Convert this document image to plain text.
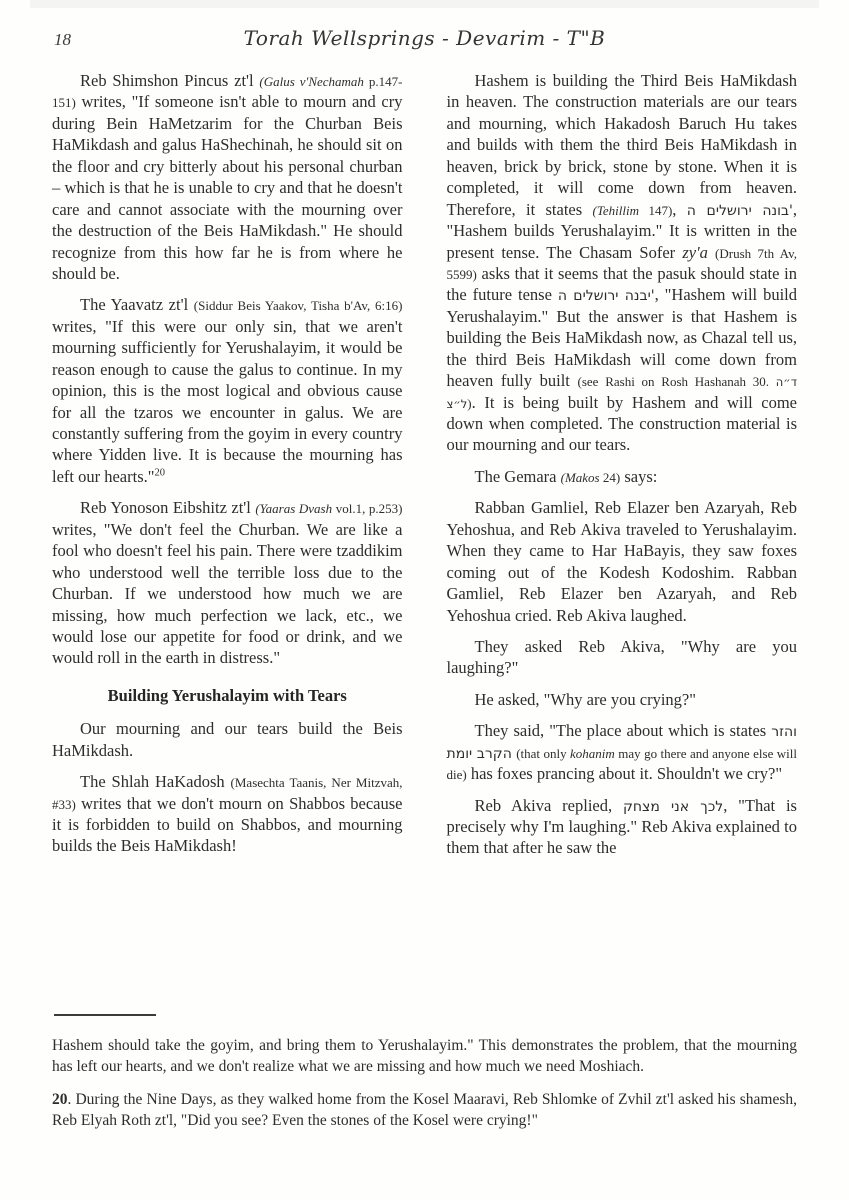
18	Torah Wellsprings - Devarim - T"B

Reb Shimshon Pincus zt'l (Galus v'Nechamah p.147-151) writes, "If someone isn't able to mourn and cry during Bein HaMetzarim for the Churban Beis HaMikdash and galus HaShechinah, he should sit on the floor and cry bitterly about his personal churban – which is that he is unable to cry and that he doesn't care and cannot associate with the mourning over the destruction of the Beis HaMikdash." He should recognize from this how far he is from where he should be.

The Yaavatz zt'l (Siddur Beis Yaakov, Tisha b'Av, 6:16) writes, "If this were our only sin, that we aren't mourning sufficiently for Yerushalayim, it would be reason enough to cause the galus to continue. In my opinion, this is the most logical and obvious cause for all the tzaros we encounter in galus. We are constantly suffering from the goyim in every country where Yidden live. It is because the mourning has left our hearts."$^{20}$

Reb Yonoson Eibshitz zt'l (Yaaras Dvash vol.1, p.253) writes, "We don't feel the Churban. We are like a fool who doesn't feel his pain. There were tzaddikim who understood well the terrible loss due to the Churban. If we understood how much we are missing, how much perfection we lack, etc., we would lose our appetite for food or drink, and we would roll in the earth in distress."

Building Yerushalayim with Tears

Our mourning and our tears build the Beis HaMikdash.

The Shlah HaKadosh (Masechta Taanis, Ner Mitzvah, #33) writes that we don't mourn on Shabbos because it is forbidden to build on Shabbos, and mourning builds the Beis HaMikdash!

Hashem is building the Third Beis HaMikdash in heaven. The construction materials are our tears and mourning, which Hakadosh Baruch Hu takes and builds with them the third Beis HaMikdash in heaven, brick by brick, stone by stone. When it is completed, it will come down from heaven. Therefore, it states (Tehillim 147), בונה ירושלים ה', "Hashem builds Yerushalayim." It is written in the present tense. The Chasam Sofer zy'a (Drush 7th Av, 5599) asks that it seems that the pasuk should state in the future tense יבנה ירושלים ה', "Hashem will build Yerushalayim." But the answer is that Hashem is building the Beis HaMikdash now, as Chazal tell us, the third Beis HaMikdash will come down from heaven fully built (see Rashi on Rosh Hashanah 30. ד״ה ל״צ). It is being built by Hashem and will come down when completed. The construction material is our mourning and our tears.

The Gemara (Makos 24) says:

Rabban Gamliel, Reb Elazer ben Azaryah, Reb Yehoshua, and Reb Akiva traveled to Yerushalayim. When they came to Har HaBayis, they saw foxes coming out of the Kodesh Kodoshim. Rabban Gamliel, Reb Elazer ben Azaryah, and Reb Yehoshua cried. Reb Akiva laughed.

They asked Reb Akiva, "Why are you laughing?"

He asked, "Why are you crying?"

They said, "The place about which is states והזר הקרב יומת (that only kohanim may go there and anyone else will die) has foxes prancing about it. Shouldn't we cry?"

Reb Akiva replied, לכך אני מצחק, "That is precisely why I'm laughing." Reb Akiva explained to them that after he saw the

Hashem should take the goyim, and bring them to Yerushalayim." This demonstrates the problem, that the mourning has left our hearts, and we don't realize what we are missing and how much we need Moshiach.

20. During the Nine Days, as they walked home from the Kosel Maaravi, Reb Shlomke of Zvhil zt'l asked his shamesh, Reb Elyah Roth zt'l, "Did you see? Even the stones of the Kosel were crying!"
